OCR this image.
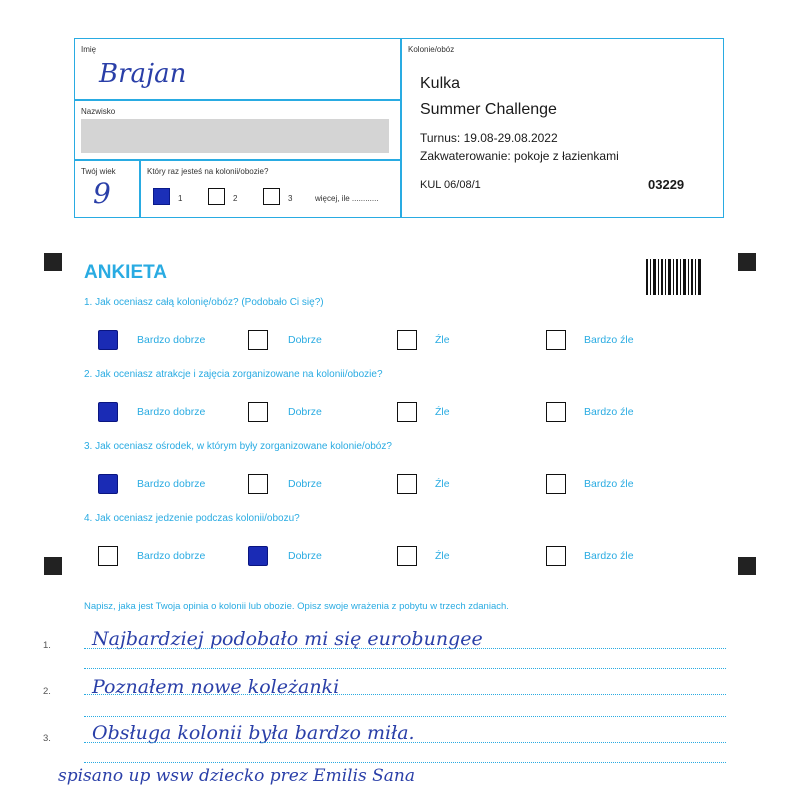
Imię
Brajan
Nazwisko
Twój wiek
9
Który raz jesteś na kolonii/obozie?
1	2	3	więcej, ile ............
Kolonie/obóz
Kulka
Summer Challenge
Turnus: 19.08-29.08.2022
Zakwaterowanie: pokoje z łazienkami
KUL 06/08/1	03229
ANKIETA
1. Jak oceniasz całą kolonię/obóz? (Podobało Ci się?)
Bardzo dobrze	Dobrze	Źle	Bardzo źle
2. Jak oceniasz atrakcje i zajęcia zorganizowane na kolonii/obozie?
Bardzo dobrze	Dobrze	Źle	Bardzo źle
3. Jak oceniasz ośrodek, w którym były zorganizowane kolonie/obóz?
Bardzo dobrze	Dobrze	Źle	Bardzo źle
4. Jak oceniasz jedzenie podczas kolonii/obozu?
Bardzo dobrze	Dobrze	Źle	Bardzo źle
Napisz, jaka jest Twoja opinia o kolonii lub obozie. Opisz swoje wrażenia z pobytu w trzech zdaniach.
1. Najbardziej podobało mi się eurobungee
2. Poznałem nowe koleżanki
3. Obsługa kolonii była bardzo miła.
spisano up wsw dziecko prez Emilis Sana
